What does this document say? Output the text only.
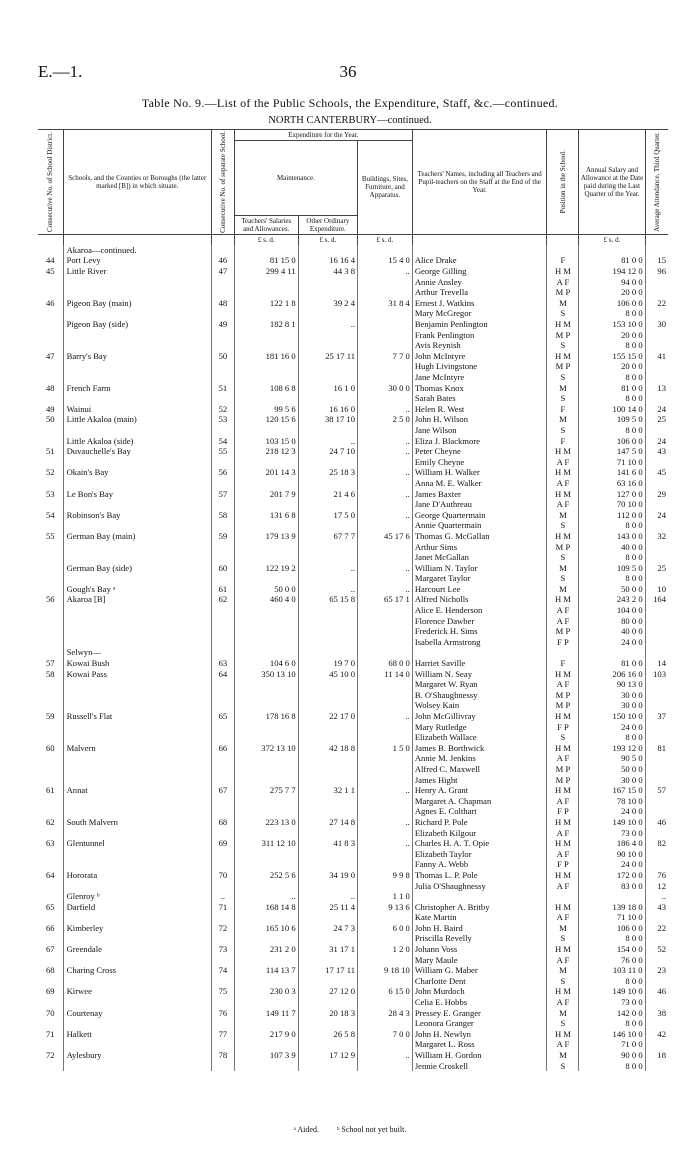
E.—1.	36
Table No. 9.—List of the Public Schools, the Expenditure, Staff, &c.—continued.
NORTH CANTERBURY—continued.
Consecutive No. of School District.	Schools, and the Counties or Boroughs (the latter marked [B]) in which situate.	Consecutive No. of separate School.	Expenditure for the Year.			Teachers' Names, including all Teachers and Pupil-teachers on the Staff at the End of the Year.	Position in the School.	Annual Salary and Allowance at the Date paid during the Last Quarter of the Year.	Average Attendance, Third Quarter.

			Maintenance.		Buildings, Sites, Furniture, and Apparatus.				
			Teachers' Salaries and Allowances.	Other Ordinary Expenditure.					
			£ s. d.	£ s. d.	£ s. d.			£ s. d.	
	Akaroa—continued.								
44	Port Levy	46	81 15 0	16 16 4	15 4 0	Alice Drake	F	81 0 0	15
45	Little River	47	299 4 11	44 3 8	..	George Gilling	H M	194 12 0	96
						Annie Ansley	A F	94 0 0	
						Arthur Trevella	M P	20 0 0	
46	Pigeon Bay (main)	48	122 1 8	39 2 4	31 8 4	Ernest J. Watkins	M	106 0 0	22
						Mary McGregor	S	8 0 0	
	Pigeon Bay (side)	49	182 8 1	..		Benjamin Penlington	H M	153 10 0	30
						Frank Penlington	M P	20 0 0	
						Avis Reynish	S	8 0 0	
47	Barry's Bay	50	181 16 0	25 17 11	7 7 0	John McIntyre	H M	155 15 0	41
						Hugh Livingstone	M P	20 0 0	
						Jane McIntyre	S	8 0 0	
48	French Farm	51	108 6 8	16 1 0	30 0 0	Thomas Knox	M	81 0 0	13
						Sarah Bates	S	8 0 0	
49	Wainui	52	99 5 6	16 16 0	..	Helen R. West	F	100 14 0	24
50	Little Akaloa (main)	53	120 15 6	38 17 10	2 5 0	John H. Wilson	M	109 5 0	25
						Jane Wilson	S	8 0 0	
	Little Akaloa (side)	54	103 15 0	..	..	Eliza J. Blackmore	F	106 0 0	24
51	Duvauchelle's Bay	55	218 12 3	24 7 10	..	Peter Cheyne	H M	147 5 0	43
						Emily Cheyne	A F	71 10 0	
52	Okain's Bay	56	201 14 3	25 18 3	..	William H. Walker	H M	141 6 0	45
						Anna M. E. Walker	A F	63 16 0	
53	Le Bon's Bay	57	201 7 9	21 4 6	..	James Baxter	H M	127 0 0	29
						Jane D'Authreau	A F	70 10 0	
54	Robinson's Bay	58	131 6 8	17 5 0	..	George Quartermain	M	112 0 0	24
						Annie Quartermain	S	8 0 0	
55	German Bay (main)	59	179 13 9	67 7 7	45 17 6	Thomas G. McGallan	H M	143 0 0	32
						Arthur Sims	M P	40 0 0	
						Janet McGallan	S	8 0 0	
	German Bay (side)	60	122 19 2	..	..	William N. Taylor	M	109 5 0	25
						Margaret Taylor	S	8 0 0	
	Gough's Bay ᵃ	61	50 0 0	..	..	Harcourt Lee	M	50 0 0	10
56	Akaroa [B]	62	460 4 0	65 15 8	65 17 1	Alfred Nicholls	H M	243 2 0	164
						Alice E. Henderson	A F	104 0 0	
						Florence Dawber	A F	80 0 0	
						Frederick H. Sims	M P	40 0 0	
						Isabella Armstrong	F P	24 0 0	
	Selwyn—								
57	Kowai Bush	63	104 6 0	19 7 0	68 0 0	Harriet Saville	F	81 0 0	14
58	Kowai Pass	64	350 13 10	45 10 0	11 14 0	William N. Seay	H M	206 16 0	103
						Margaret W. Ryan	A F	90 13 0	
						B. O'Shaughnessy	M P	30 0 0	
						Wolsey Kain	M P	30 0 0	
59	Russell's Flat	65	178 16 8	22 17 0	..	John McGillivray	H M	150 10 0	37
						Mary Rutledge	F P	24 0 0	
						Elizabeth Wallace	S	8 0 0	
60	Malvern	66	372 13 10	42 18 8	1 5 0	James B. Borthwick	H M	193 12 0	81
						Annie M. Jenkins	A F	90 5 0	
						Alfred C. Maxwell	M P	50 0 0	
						James Hight	M P	30 0 0	
61	Annat	67	275 7 7	32 1 1	..	Henry A. Grant	H M	167 15 0	57
						Margaret A. Chapman	A F	78 10 0	
						Agnes E. Colthart	F P	24 0 0	
62	South Malvern	68	223 13 0	27 14 8	..	Richard P. Pole	H M	149 10 0	46
						Elizabeth Kilgour	A F	73 0 0	
63	Glentunnel	69	311 12 10	41 8 3	..	Charles H. A. T. Opie	H M	186 4 0	82
						Elizabeth Taylor	A F	90 10 0	
						Fanny A. Webb	F P	24 0 0	
64	Hororata	70	252 5 6	34 19 0	9 9 8	Thomas L. P. Pole	H M	172 0 0	76
						Julia O'Shaughnessy	A F	83 0 0	12
	Glenroy ᵇ	..	..	..	1 1 0				..
65	Darfield	71	168 14 8	25 11 4	9 13 6	Christopher A. Britby	H M	139 18 0	43
						Kate Martin	A F	71 10 0	
66	Kimberley	72	165 10 6	24 7 3	6 0 0	John H. Baird	M	106 0 0	22
						Priscilla Revelly	S	8 0 0	
67	Greendale	73	231 2 0	31 17 1	1 2 0	Johann Voss	H M	154 0 0	52
						Mary Maule	A F	76 0 0	
68	Charing Cross	74	114 13 7	17 17 11	9 18 10	William G. Maber	M	103 11 0	23
						Charlotte Dent	S	8 0 0	
69	Kirwee	75	230 0 3	27 12 0	6 15 0	John Murdoch	H M	149 10 0	46
						Celia E. Hobbs	A F	73 0 0	
70	Courtenay	76	149 11 7	20 18 3	28 4 3	Pressey E. Granger	M	142 0 0	38
						Leonora Granger	S	8 0 0	
71	Halkett	77	217 9 0	26 5 8	7 0 0	John H. Newlyn	H M	146 10 0	42
						Margaret L. Ross	A F	71 0 0	
72	Aylesbury	78	107 3 9	17 12 9	..	William H. Gordon	M	90 0 0	18
						Jennie Croskell	S	8 0 0	
ᵃ Aided. ᵇ School not yet built.
